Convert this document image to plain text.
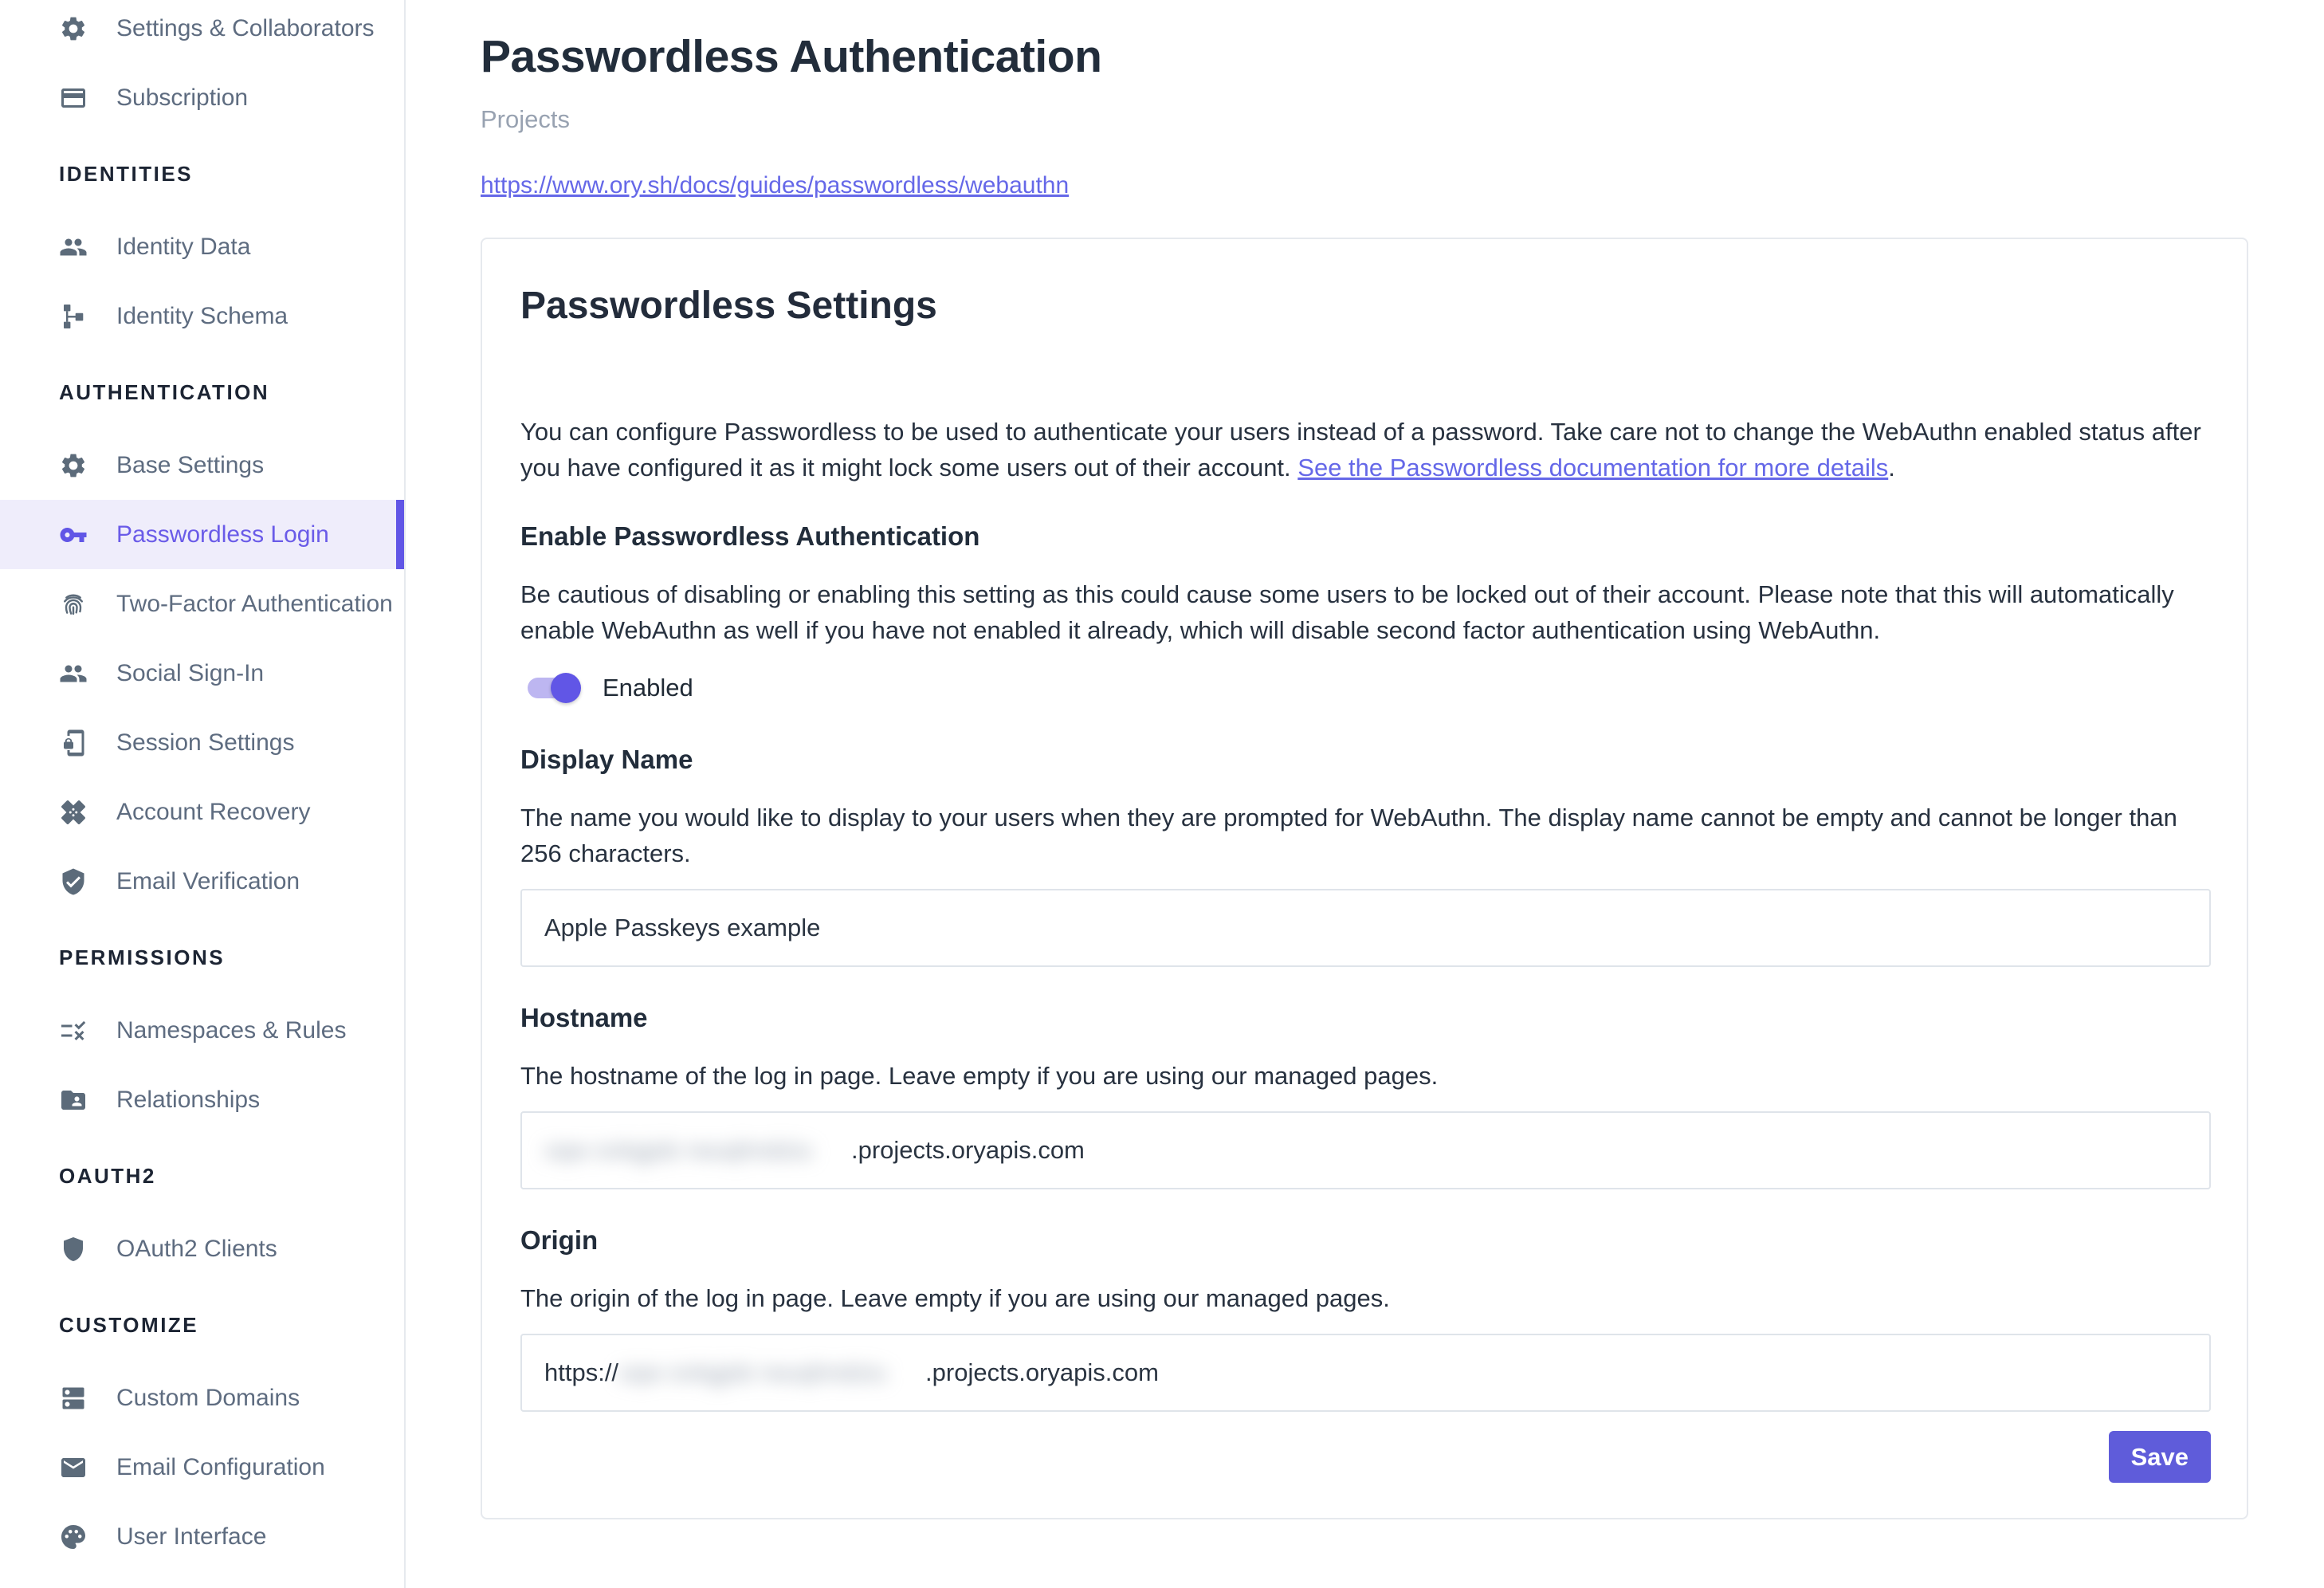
Settings & Collaborators
Subscription
IDENTITIES
Identity Data
Identity Schema
AUTHENTICATION
Base Settings
Passwordless Login
Two-Factor Authentication
Social Sign-In
Session Settings
Account Recovery
Email Verification
PERMISSIONS
Namespaces & Rules
Relationships
OAUTH2
OAuth2 Clients
CUSTOMIZE
Custom Domains
Email Configuration
User Interface
Passwordless Authentication
Projects
https://www.ory.sh/docs/guides/passwordless/webauthn
Passwordless Settings

You can configure Passwordless to be used to authenticate your users instead of a password. Take care not to change the WebAuthn enabled status after you have configured it as it might lock some users out of their account. See the Passwordless documentation for more details.

Enable Passwordless Authentication

Be cautious of disabling or enabling this setting as this could cause some users to be locked out of their account. Please note that this will automatically enable WebAuthn as well if you have not enabled it already, which will disable second factor authentication using WebAuthn.

Enabled
Display Name

The name you would like to display to your users when they are prompted for WebAuthn. The display name cannot be empty and cannot be longer than 256 characters.

Apple Passkeys example
Hostname

The hostname of the log in page. Leave empty if you are using our managed pages.

xqw ovkgjsb rwuqhndziu	.projects.oryapis.com
Origin

The origin of the log in page. Leave empty if you are using our managed pages.

https:// xqw ovkgjsb rwuqhndziu	.projects.oryapis.com
Save
